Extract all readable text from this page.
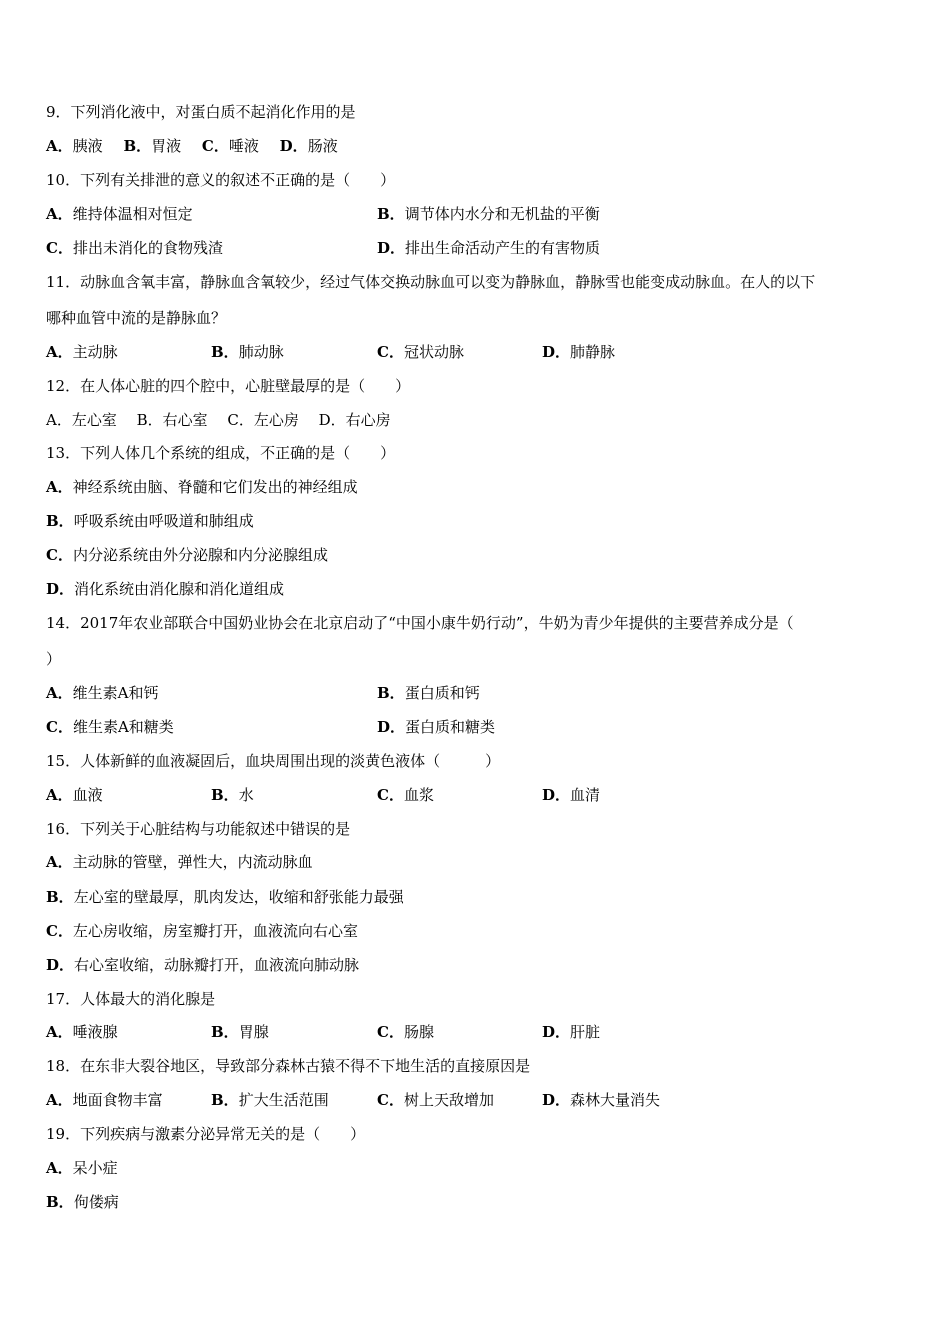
9．下列消化液中，对蛋白质不起消化作用的是
A．胰液 B．胃液 C．唾液 D．肠液
10．下列有关排泄的意义的叙述不正确的是（　　）
A．维持体温相对恒定	B．调节体内水分和无机盐的平衡
C．排出未消化的食物残渣	D．排出生命活动产生的有害物质
11．动脉血含氧丰富，静脉血含氧较少，经过气体交换动脉血可以变为静脉血，静脉雪也能变成动脉血。在人的以下
哪种血管中流的是静脉血？
A．主动脉	B．肺动脉	C．冠状动脉	D．肺静脉
12．在人体心脏的四个腔中，心脏壁最厚的是（　　）
A．左心室　 B．右心室　 C．左心房　 D．右心房
13．下列人体几个系统的组成，不正确的是（　　）
A．神经系统由脑、脊髓和它们发出的神经组成
B．呼吸系统由呼吸道和肺组成
C．内分泌系统由外分泌腺和内分泌腺组成
D．消化系统由消化腺和消化道组成
14．2017年农业部联合中国奶业协会在北京启动了“中国小康牛奶行动”，牛奶为青少年提供的主要营养成分是（
）
A．维生素A和钙	B．蛋白质和钙
C．维生素A和糖类	D．蛋白质和糖类
15．人体新鲜的血液凝固后，血块周围出现的淡黄色液体（　　　）
A．血液	B．水	C．血浆	D．血清
16．下列关于心脏结构与功能叙述中错误的是
A．主动脉的管壁，弹性大，内流动脉血
B．左心室的壁最厚，肌肉发达，收缩和舒张能力最强
C．左心房收缩，房室瓣打开，血液流向右心室
D．右心室收缩，动脉瓣打开，血液流向肺动脉
17．人体最大的消化腺是
A．唾液腺	B．胃腺	C．肠腺	D．肝脏
18．在东非大裂谷地区，导致部分森林古猿不得不下地生活的直接原因是
A．地面食物丰富	B．扩大生活范围	C．树上天敌增加	D．森林大量消失
19．下列疾病与激素分泌异常无关的是（　　）
A．呆小症
B．佝偻病
